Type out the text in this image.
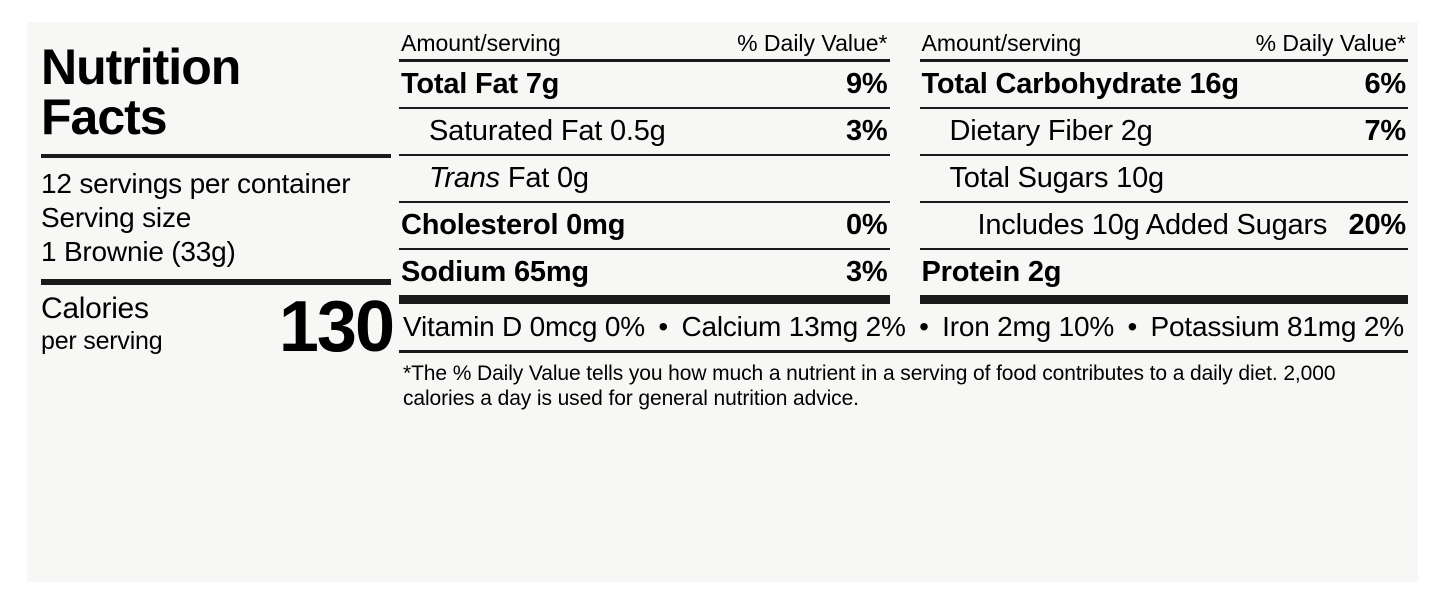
Nutrition
Facts
12 servings per container
Serving size
1 Brownie (33g)
Calories
per serving 130
Amount/serving	% Daily Value*
Total Fat 7g	9%
Saturated Fat 0.5g	3%
Trans Fat 0g
Cholesterol 0mg	0%
Sodium 65mg	3%
Amount/serving	% Daily Value*
Total Carbohydrate 16g	6%
Dietary Fiber 2g	7%
Total Sugars 10g
Includes 10g Added Sugars 20%
Protein 2g
Vitamin D 0mcg 0% • Calcium 13mg 2% • Iron 2mg 10% • Potassium 81mg 2%
*The % Daily Value tells you how much a nutrient in a serving of food contributes to a daily diet. 2,000 calories a day is used for general nutrition advice.
